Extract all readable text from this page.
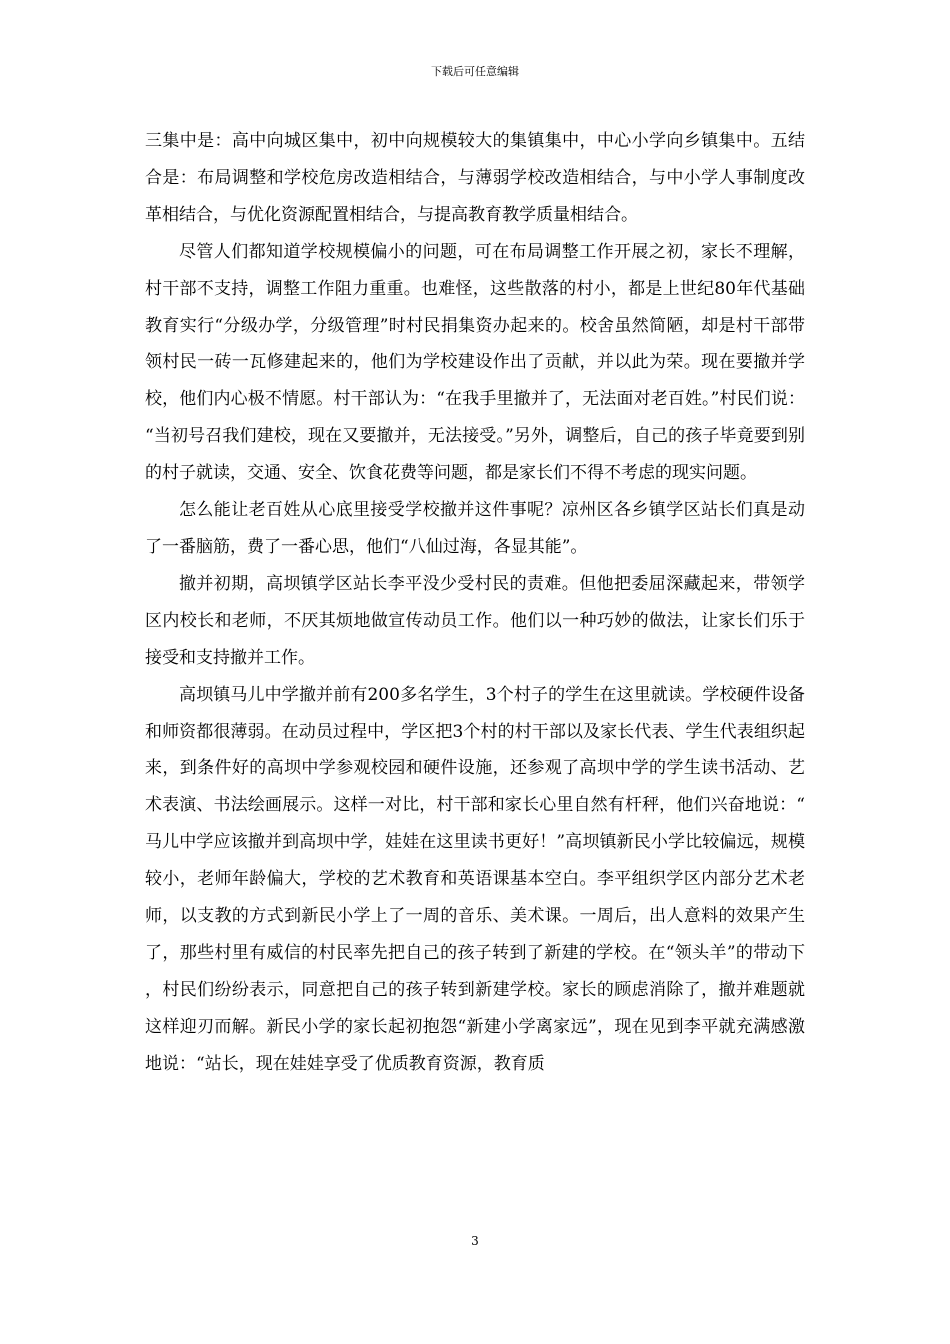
下载后可任意编辑

三集中是：高中向城区集中，初中向规模较大的集镇集中，中心小学向乡镇集中。五结合是：布局调整和学校危房改造相结合，与薄弱学校改造相结合，与中小学人事制度改革相结合，与优化资源配置相结合，与提高教育教学质量相结合。

尽管人们都知道学校规模偏小的问题，可在布局调整工作开展之初，家长不理解，村干部不支持，调整工作阻力重重。也难怪，这些散落的村小，都是上世纪80年代基础教育实行“分级办学，分级管理”时村民捐集资办起来的。校舍虽然简陋，却是村干部带领村民一砖一瓦修建起来的，他们为学校建设作出了贡献，并以此为荣。现在要撤并学校，他们内心极不情愿。村干部认为：“在我手里撤并了，无法面对老百姓。”村民们说：“当初号召我们建校，现在又要撤并，无法接受。”另外，调整后，自己的孩子毕竟要到别的村子就读，交通、安全、饮食花费等问题，都是家长们不得不考虑的现实问题。

怎么能让老百姓从心底里接受学校撤并这件事呢？凉州区各乡镇学区站长们真是动了一番脑筋，费了一番心思，他们“八仙过海，各显其能”。

撤并初期，高坝镇学区站长李平没少受村民的责难。但他把委屈深藏起来，带领学区内校长和老师，不厌其烦地做宣传动员工作。他们以一种巧妙的做法，让家长们乐于接受和支持撤并工作。

高坝镇马儿中学撤并前有200多名学生，3个村子的学生在这里就读。学校硬件设备和师资都很薄弱。在动员过程中，学区把3个村的村干部以及家长代表、学生代表组织起来，到条件好的高坝中学参观校园和硬件设施，还参观了高坝中学的学生读书活动、艺术表演、书法绘画展示。这样一对比，村干部和家长心里自然有杆秤，他们兴奋地说：“马儿中学应该撤并到高坝中学，娃娃在这里读书更好！”高坝镇新民小学比较偏远，规模较小，老师年龄偏大，学校的艺术教育和英语课基本空白。李平组织学区内部分艺术老师，以支教的方式到新民小学上了一周的音乐、美术课。一周后，出人意料的效果产生了，那些村里有威信的村民率先把自己的孩子转到了新建的学校。在“领头羊”的带动下，村民们纷纷表示，同意把自己的孩子转到新建学校。家长的顾虑消除了，撤并难题就这样迎刃而解。新民小学的家长起初抱怨“新建小学离家远”，现在见到李平就充满感激地说：“站长，现在娃娃享受了优质教育资源，教育质

3
